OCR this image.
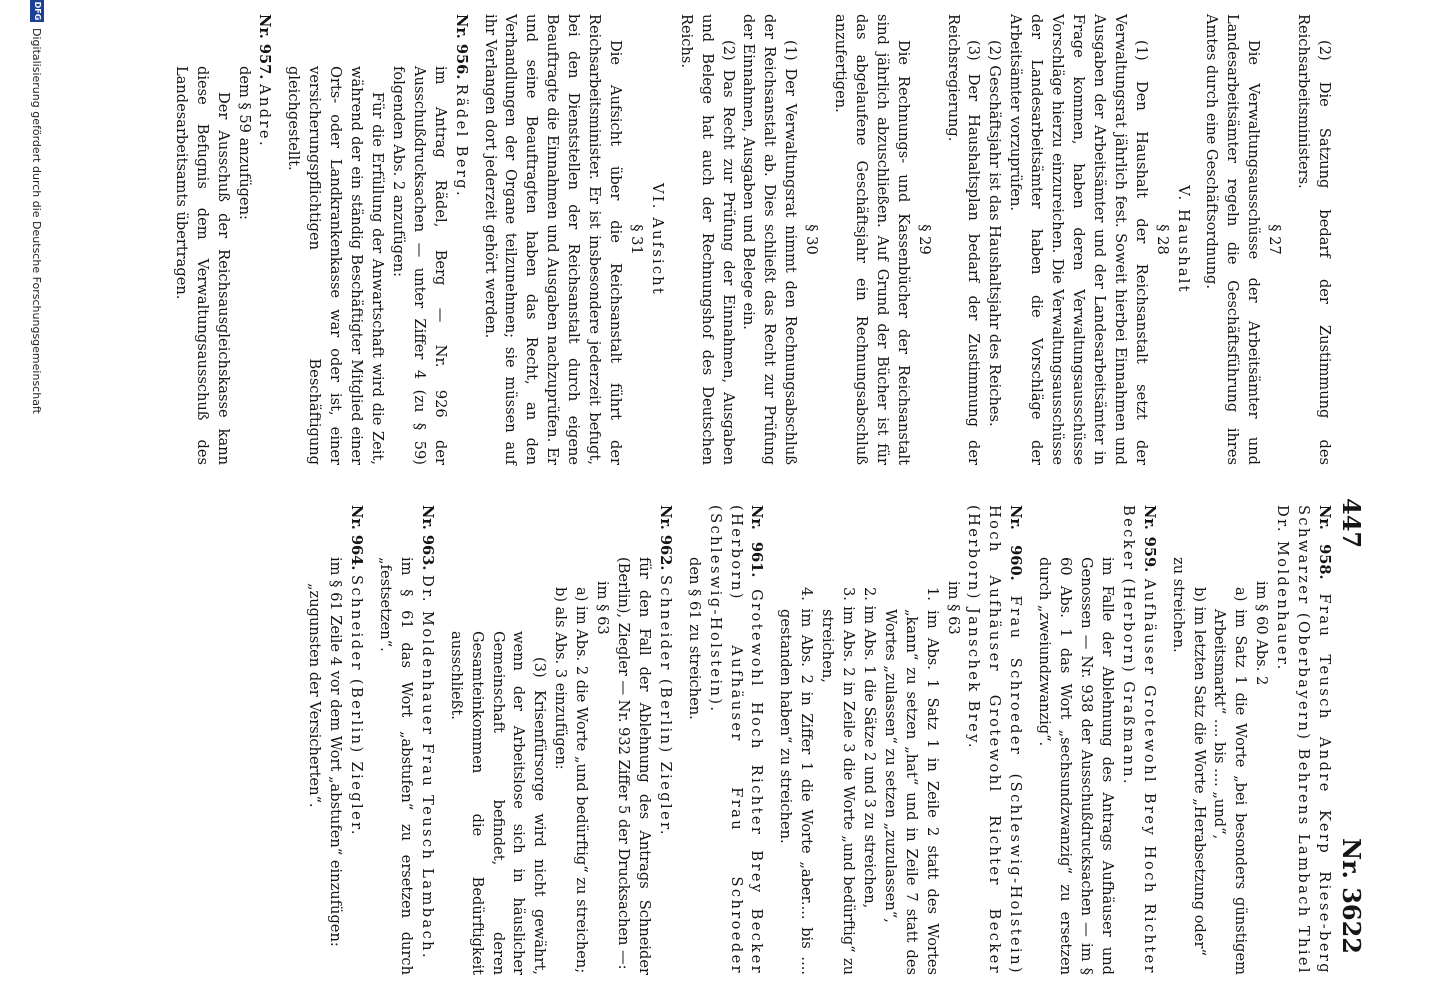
447
Nr. 3622
(2) Die Satzung bedarf der Zustimmung des Reichsarbeitsministers.
§ 27
Die Verwaltungsausschüsse der Arbeitsämter und Landesarbeitsämter regeln die Geschäftsführung ihres Amtes durch eine Geschäftsordnung.
V. Haushalt
§ 28
(1) Den Haushalt der Reichsanstalt setzt der Verwaltungsrat jährlich fest. Soweit hierbei Einnahmen und Ausgaben der Arbeitsämter und der Landesarbeitsämter in Frage kommen, haben deren Verwaltungsausschüsse Vorschläge hierzu einzureichen. Die Verwaltungsausschüsse der Landesarbeitsämter haben die Vorschläge der Arbeitsämter vorzuprüfen.
(2) Geschäftsjahr ist das Haushaltsjahr des Reiches.
(3) Der Haushaltsplan bedarf der Zustimmung der Reichsregierung.
§ 29
Die Rechnungs- und Kassenbücher der Reichsanstalt sind jährlich abzuschließen. Auf Grund der Bücher ist für das abgelaufene Geschäftsjahr ein Rechnungsabschluß anzufertigen.
§ 30
(1) Der Verwaltungsrat nimmt den Rechnungsabschluß der Reichsanstalt ab. Dies schließt das Recht zur Prüfung der Einnahmen, Ausgaben und Belege ein.
(2) Das Recht zur Prüfung der Einnahmen, Ausgaben und Belege hat auch der Rechnungshof des Deutschen Reichs.
VI. Aufsicht
§ 31
Die Aufsicht über die Reichsanstalt führt der Reichsarbeitsminister. Er ist insbesondere jederzeit befugt, bei den Dienststellen der Reichsanstalt durch eigene Beauftragte die Einnahmen und Ausgaben nachzuprüfen. Er und seine Beauftragten haben das Recht, an den Verhandlungen der Organe teilzunehmen; sie müssen auf ihr Verlangen dort jederzeit gehört werden.
Nr. 956. Rädel Berg.
im Antrag Rädel, Berg — Nr. 926 der Ausschußdrucksachen — unter Ziffer 4 (zu § 59) folgenden Abs. 2 anzufügen:
Für die Erfüllung der Anwartschaft wird die Zeit, während der ein ständig Beschäftigter Mitglied einer Orts- oder Landkrankenkasse war oder ist, einer versicherungspflichtigen Beschäftigung gleichgestellt.
Nr. 957. Andre.
dem § 59 anzufügen:
Der Ausschuß der Reichsausgleichskasse kann diese Befugnis dem Verwaltungsausschuß des Landesarbeitsamts übertragen.
Nr. 958. Frau Teusch Andre Kerp Riese-berg Schwarzer (Oberbayern) Behrens Lambach Thiel Dr. Moldenhauer.
im § 60 Abs. 2
a) im Satz 1 die Worte „bei besonders günstigem Arbeitsmarkt“ .... bis .... „und“,
b) im letzten Satz die Worte „Herabsetzung oder“
zu streichen.
Nr. 959. Aufhäuser Grotewohl Brey Hoch Richter Becker (Herborn) Graßmann.
im Falle der Ablehnung des Antrags Aufhäuser und Genossen — Nr. 938 der Ausschußdrucksachen — im § 60 Abs. 1 das Wort „sechsundzwanzig“ zu ersetzen durch „zweiundzwanzig“.
Nr. 960. Frau Schroeder (Schleswig-Holstein) Hoch Aufhäuser Grotewohl Richter Becker (Herborn) Janschek Brey.
im § 63
1. im Abs. 1 Satz 1 in Zeile 2 statt des Wortes „kann“ zu setzen „hat“ und in Zeile 7 statt des Wortes „zulassen“ zu setzen „zuzulassen“,
2. im Abs. 1 die Sätze 2 und 3 zu streichen,
3. im Abs. 2 in Zeile 3 die Worte „und bedürftig“ zu streichen,
4. im Abs. 2 in Ziffer 1 die Worte „aber.... bis .... gestanden haben“ zu streichen.
Nr. 961. Grotewohl Hoch Richter Brey Becker (Herborn) Aufhäuser Frau Schroeder (Schleswig-Holstein).
den § 61 zu streichen.
Nr. 962. Schneider (Berlin) Ziegler.
für den Fall der Ablehnung des Antrags Schneider (Berlin), Ziegler — Nr. 932 Ziffer 5 der Drucksachen —:
im § 63
a) im Abs. 2 die Worte „und bedürftig“ zu streichen;
b) als Abs. 3 einzufügen:
(3) Krisenfürsorge wird nicht gewährt, wenn der Arbeitslose sich in häuslicher Gemeinschaft befindet, deren Gesamteinkommen die Bedürftigkeit ausschließt.
Nr. 963. Dr. Moldenhauer Frau Teusch Lambach.
im § 61 das Wort „abstufen“ zu ersetzen durch „festsetzen“.
Nr. 964. Schneider (Berlin) Ziegler.
im § 61 Zeile 4 vor dem Wort „abstufen“ einzufügen:
„zugunsten der Versicherten“.
DFG
Digitalisierung gefördert durch die Deutsche Forschungsgemeinschaft
